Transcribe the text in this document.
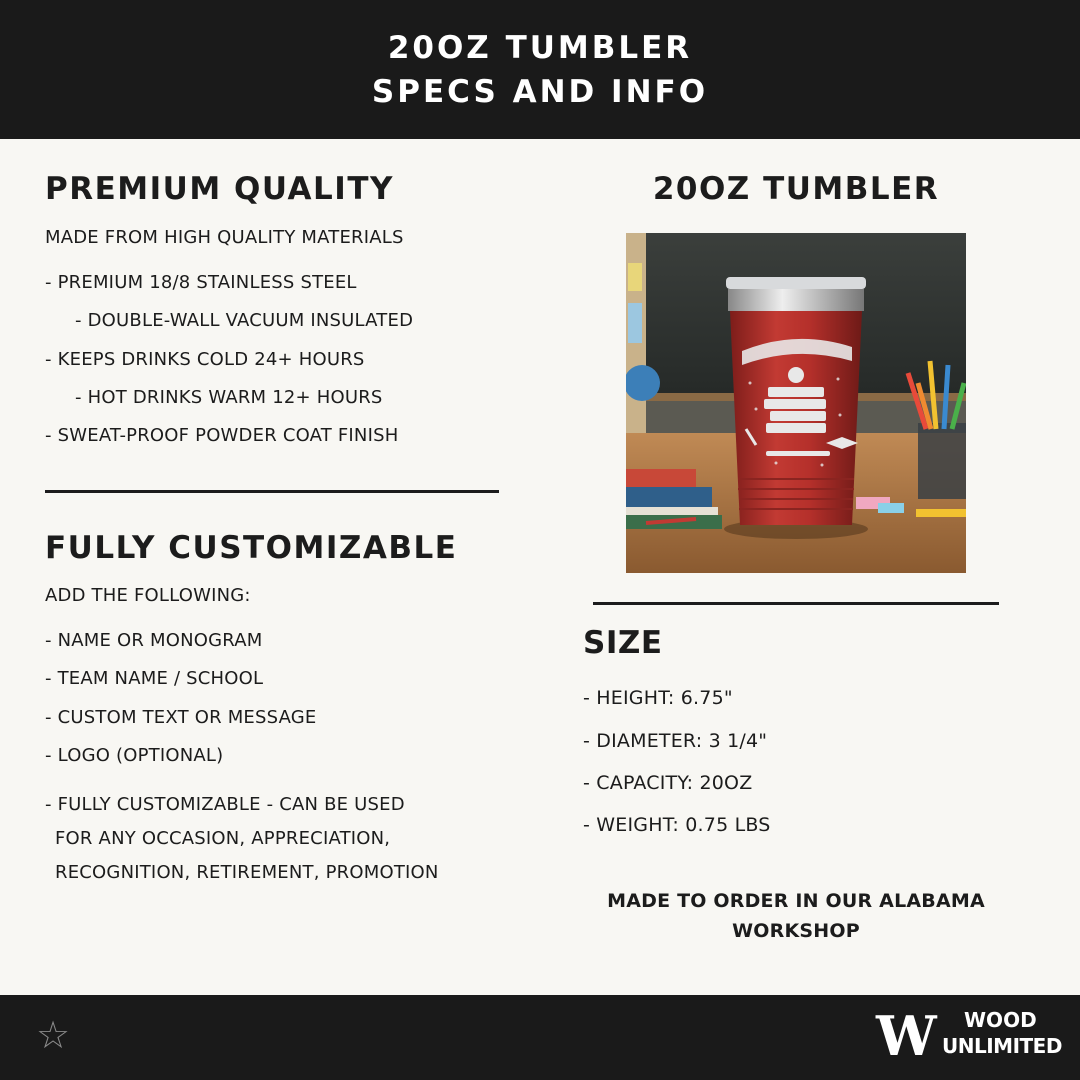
20OZ TUMBLER
SPECS AND INFO
PREMIUM QUALITY
MADE FROM HIGH QUALITY MATERIALS
- PREMIUM 18/8 STAINLESS STEEL
- DOUBLE-WALL VACUUM INSULATED
- KEEPS DRINKS COLD 24+ HOURS
- HOT DRINKS WARM 12+ HOURS
- SWEAT-PROOF POWDER COAT FINISH
FULLY CUSTOMIZABLE
ADD THE FOLLOWING:
- NAME OR MONOGRAM
- TEAM NAME / SCHOOL
- CUSTOM TEXT OR MESSAGE
- LOGO (OPTIONAL)
- FULLY CUSTOMIZABLE - CAN BE USED
FOR ANY OCCASION, APPRECIATION,
RECOGNITION, RETIREMENT, PROMOTION
20OZ TUMBLER
SIZE
- HEIGHT: 6.75"
- DIAMETER: 3 1/4"
- CAPACITY: 20OZ
- WEIGHT: 0.75 LBS
MADE TO ORDER IN OUR ALABAMA
WORKSHOP
☆	W	WOOD
UNLIMITED
